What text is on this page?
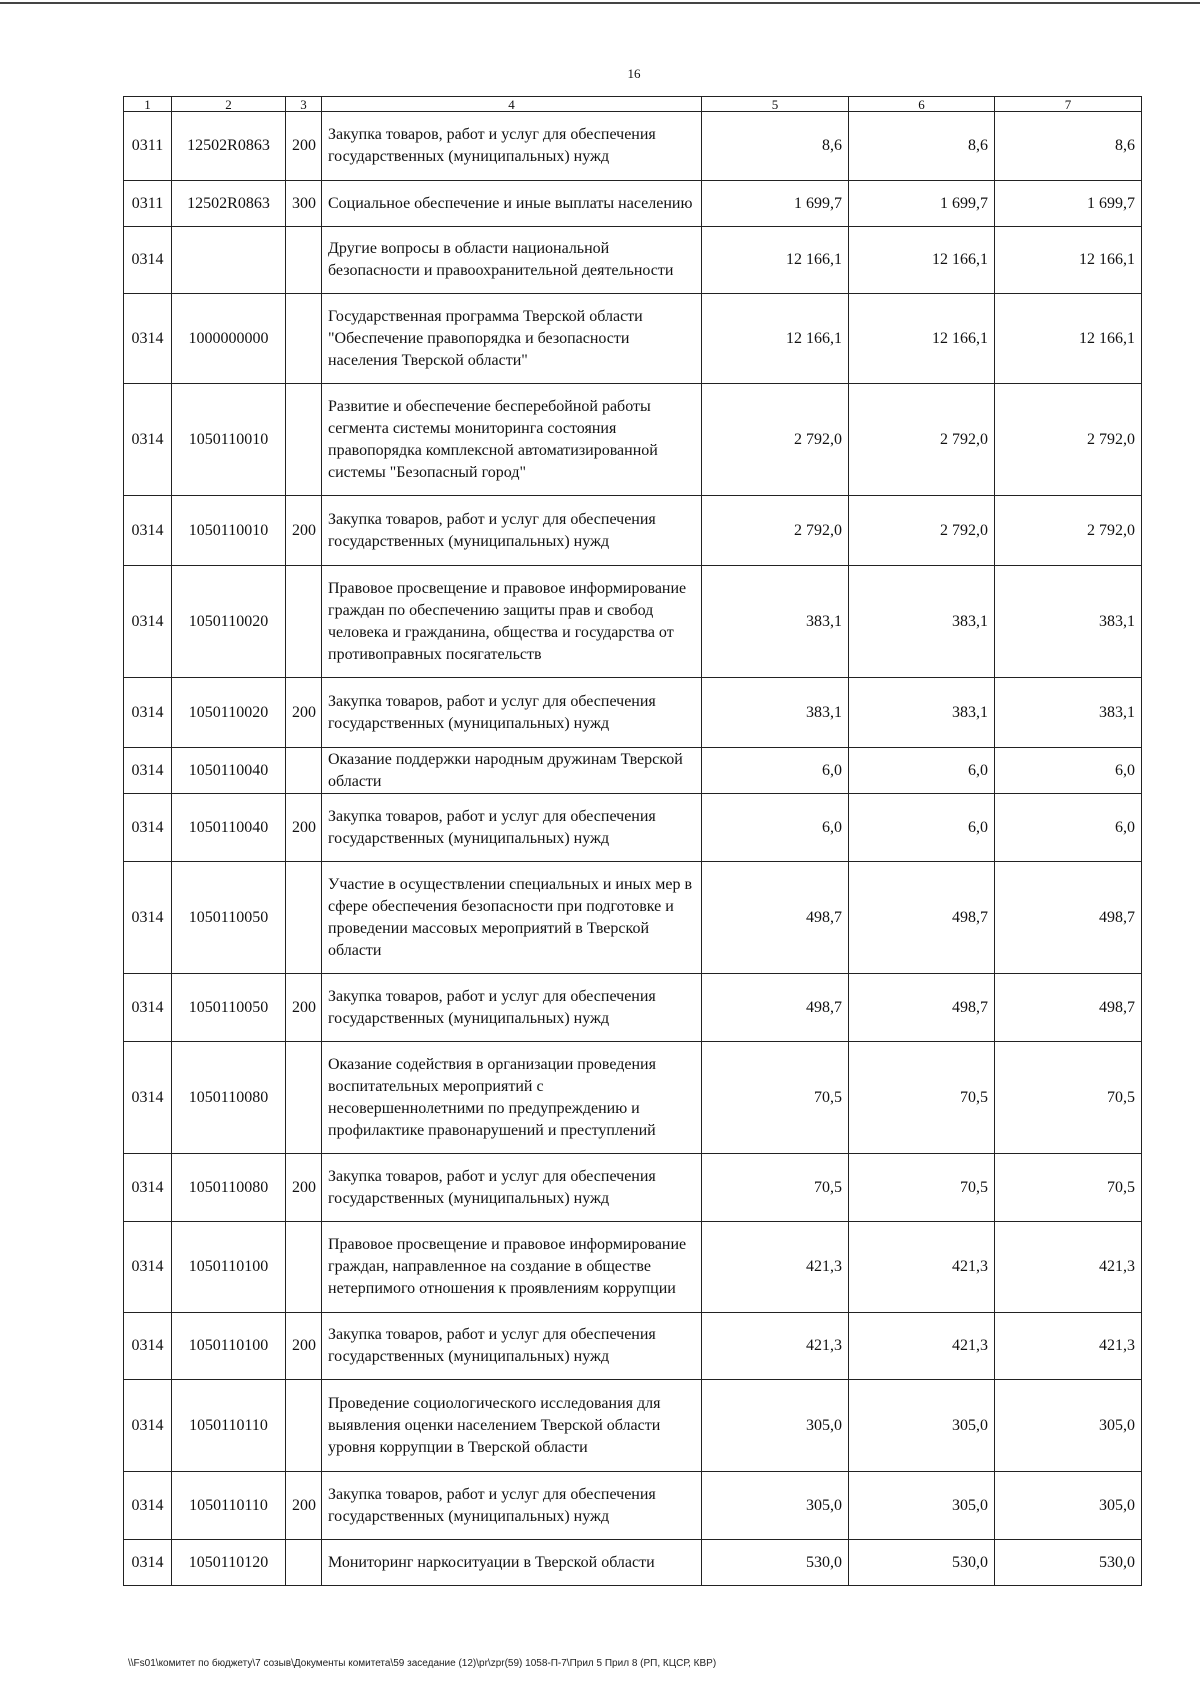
16
1	2	3	4	5	6	7
0311	12502R0863	200	Закупка товаров, работ и услуг для обеспечения государственных (муниципальных) нужд	8,6	8,6	8,6
0311	12502R0863	300	Социальное обеспечение и иные выплаты населению	1 699,7	1 699,7	1 699,7
0314			Другие вопросы в области национальной безопасности и правоохранительной деятельности	12 166,1	12 166,1	12 166,1
0314	1000000000		Государственная программа Тверской области "Обеспечение правопорядка и безопасности населения Тверской области"	12 166,1	12 166,1	12 166,1
0314	1050110010		Развитие и обеспечение бесперебойной работы сегмента системы мониторинга состояния правопорядка комплексной автоматизированной системы "Безопасный город"	2 792,0	2 792,0	2 792,0
0314	1050110010	200	Закупка товаров, работ и услуг для обеспечения государственных (муниципальных) нужд	2 792,0	2 792,0	2 792,0
0314	1050110020		Правовое просвещение и правовое информирование граждан по обеспечению защиты прав и свобод человека и гражданина, общества и государства от противоправных посягательств	383,1	383,1	383,1
0314	1050110020	200	Закупка товаров, работ и услуг для обеспечения государственных (муниципальных) нужд	383,1	383,1	383,1
0314	1050110040		Оказание поддержки народным дружинам Тверской области	6,0	6,0	6,0
0314	1050110040	200	Закупка товаров, работ и услуг для обеспечения государственных (муниципальных) нужд	6,0	6,0	6,0
0314	1050110050		Участие в осуществлении специальных и иных мер в сфере обеспечения безопасности при подготовке и проведении массовых мероприятий в Тверской области	498,7	498,7	498,7
0314	1050110050	200	Закупка товаров, работ и услуг для обеспечения государственных (муниципальных) нужд	498,7	498,7	498,7
0314	1050110080		Оказание содействия в организации проведения воспитательных мероприятий с несовершеннолетними по предупреждению и профилактике правонарушений и преступлений	70,5	70,5	70,5
0314	1050110080	200	Закупка товаров, работ и услуг для обеспечения государственных (муниципальных) нужд	70,5	70,5	70,5
0314	1050110100		Правовое просвещение и правовое информирование граждан, направленное на создание в обществе нетерпимого отношения к проявлениям коррупции	421,3	421,3	421,3
0314	1050110100	200	Закупка товаров, работ и услуг для обеспечения государственных (муниципальных) нужд	421,3	421,3	421,3
0314	1050110110		Проведение социологического исследования для выявления оценки населением Тверской области уровня коррупции в Тверской области	305,0	305,0	305,0
0314	1050110110	200	Закупка товаров, работ и услуг для обеспечения государственных (муниципальных) нужд	305,0	305,0	305,0
0314	1050110120		Мониторинг наркоситуации в Тверской области	530,0	530,0	530,0
\\Fs01\комитет по бюджету\7 созыв\Документы комитета\59 заседание (12)\pr\zpr(59) 1058-П-7\Прил 5 Прил 8 (РП, КЦСР, КВР)
